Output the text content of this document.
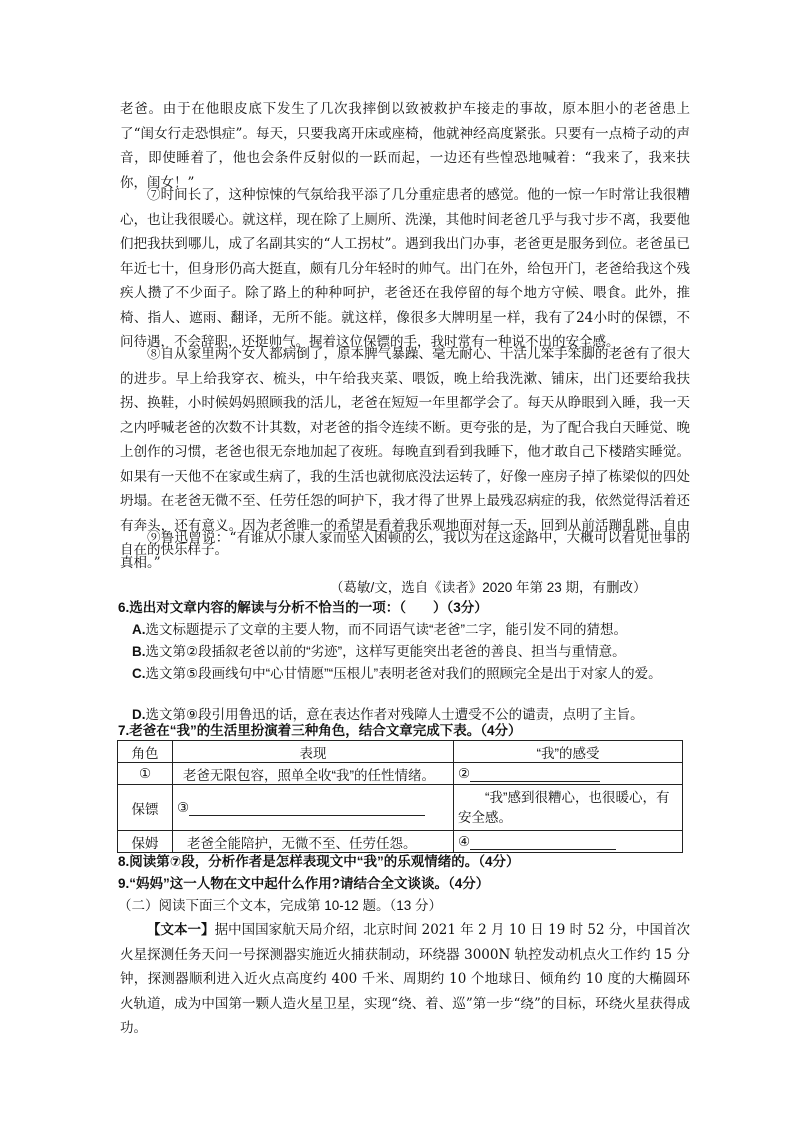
老爸。由于在他眼皮底下发生了几次我摔倒以致被救护车接走的事故，原本胆小的老爸患上了“闺女行走恐惧症”。每天，只要我离开床或座椅，他就神经高度紧张。只要有一点椅子动的声音，即使睡着了，他也会条件反射似的一跃而起，一边还有些惶恐地喊着：“我来了，我来扶你，闺女！”
⑦时间长了，这种惊悚的气氛给我平添了几分重症患者的感觉。他的一惊一乍时常让我很糟心，也让我很暖心。就这样，现在除了上厕所、洗澡，其他时间老爸几乎与我寸步不离，我要他们把我扶到哪儿，成了名副其实的“人工拐杖”。遇到我出门办事，老爸更是服务到位。老爸虽已年近七十，但身形仍高大挺直，颇有几分年轻时的帅气。出门在外，给包开门，老爸给我这个残疾人攒了不少面子。除了路上的种种呵护，老爸还在我停留的每个地方守候、喂食。此外，推椅、指人、遮雨、翻译，无所不能。就这样，像很多大牌明星一样，我有了24小时的保镖，不问待遇，不会辞职，还挺帅气。握着这位保镖的手，我时常有一种说不出的安全感。
⑧自从家里两个女人都病倒了，原本脾气暴躁、毫无耐心、干活儿笨手笨脚的老爸有了很大的进步。早上给我穿衣、梳头，中午给我夹菜、喂饭，晚上给我洗漱、铺床，出门还要给我扶拐、换鞋，小时候妈妈照顾我的活儿，老爸在短短一年里都学会了。每天从睁眼到入睡，我一天之内呼喊老爸的次数不计其数，对老爸的指令连续不断。更夸张的是，为了配合我白天睡觉、晚上创作的习惯，老爸也很无奈地加起了夜班。每晚直到看到我睡下，他才敢自己下楼踏实睡觉。如果有一天他不在家或生病了，我的生活也就彻底没法运转了，好像一座房子掉了栋梁似的四处坍塌。在老爸无微不至、任劳任怨的呵护下，我才得了世界上最残忍病症的我，依然觉得活着还有奔头，还有意义。因为老爸唯一的希望是看着我乐观地面对每一天，回到从前活蹦乱跳、自由自在的快乐样子。
⑨鲁迅曾说：“有谁从小康人家而坠入困顿的么，我以为在这途路中，大概可以看见世事的真相。”
（葛敏/文，选自《读者》2020 年第 23 期，有删改）
6.选出对文章内容的解读与分析不恰当的一项：（　　）（3分）
A.选文标题提示了文章的主要人物，而不同语气读“老爸”二字，能引发不同的猜想。
B.选文第②段插叙老爸以前的“劣迹”，这样写更能突出老爸的善良、担当与重情意。
C.选文第⑤段画线句中“心甘情愿”“压根儿”表明老爸对我们的照顾完全是出于对家人的爱。
D.选文第⑨段引用鲁迅的话，意在表达作者对残障人士遭受不公的谴责，点明了主旨。
7.老爸在“我”的生活里扮演着三种角色，结合文章完成下表。（4分）
角色	表现	“我”的感受
①	老爸无限包容，照单全收“我”的任性情绪。	②
保镖	③	“我”感到很糟心，也很暖心，有安全感。
保姆	老爸全能陪护，无微不至、任劳任怨。	④
8.阅读第⑦段，分析作者是怎样表现文中“我”的乐观情绪的。（4分）
9.“妈妈”这一人物在文中起什么作用?请结合全文谈谈。（4分）
（二）阅读下面三个文本，完成第 10-12 题。（13 分）
【文本一】据中国国家航天局介绍，北京时间 2021 年 2 月 10 日 19 时 52 分，中国首次火星探测任务天问一号探测器实施近火捕获制动，环绕器 3000N 轨控发动机点火工作约 15 分钟，探测器顺利进入近火点高度约 400 千米、周期约 10 个地球日、倾角约 10 度的大椭圆环火轨道，成为中国第一颗人造火星卫星，实现“绕、着、巡”第一步“绕”的目标，环绕火星获得成功。
